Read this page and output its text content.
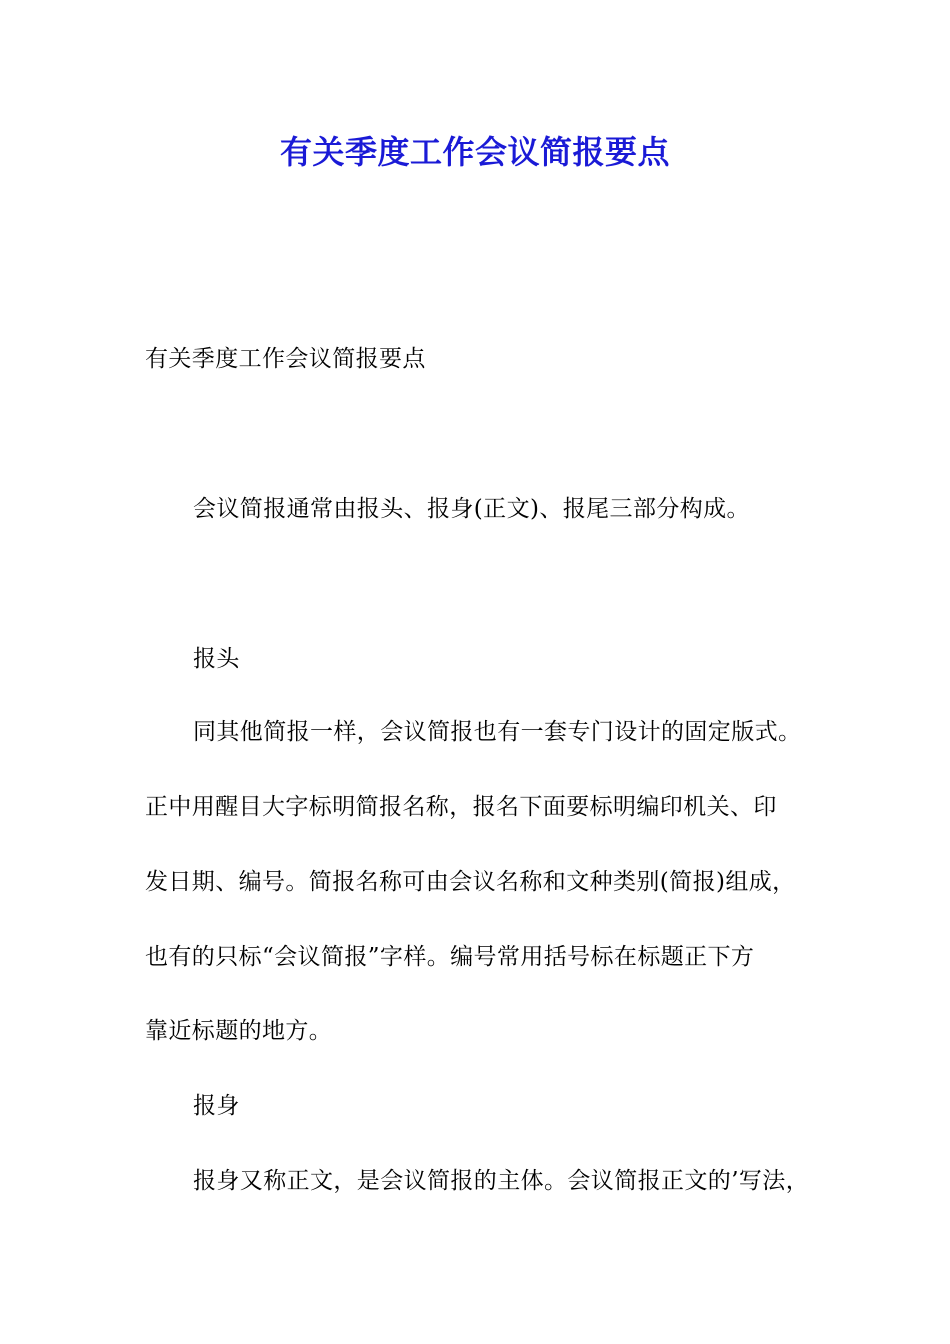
有关季度工作会议简报要点
有关季度工作会议简报要点
会议简报通常由报头、报身(正文)、报尾三部分构成。
报头
同其他简报一样，会议简报也有一套专门设计的固定版式。
正中用醒目大字标明简报名称，报名下面要标明编印机关、印
发日期、编号。简报名称可由会议名称和文种类别(简报)组成，
也有的只标“会议简报”字样。编号常用括号标在标题正下方
靠近标题的地方。
报身
报身又称正文，是会议简报的主体。会议简报正文的’写法，
